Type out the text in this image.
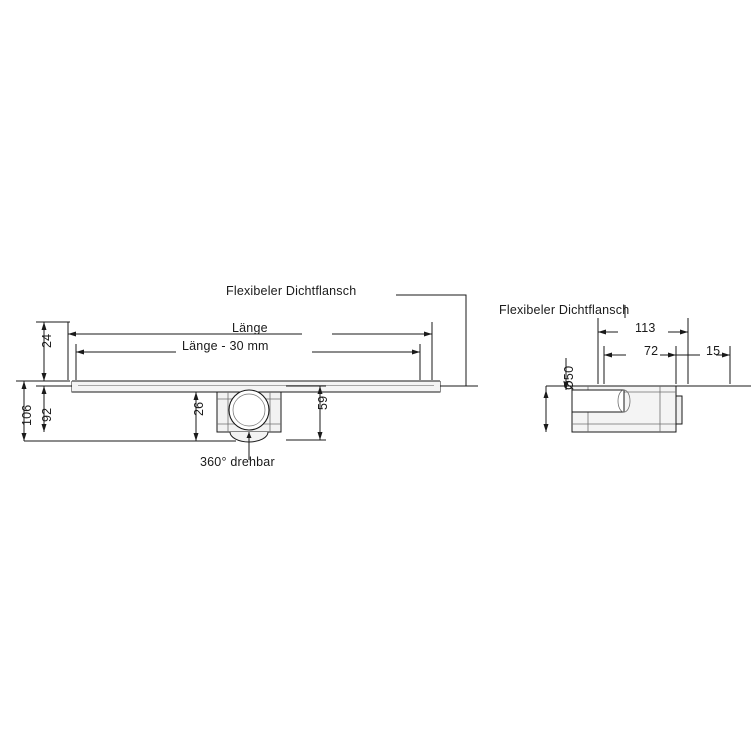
Flexibeler Dichtflansch
Flexibeler Dichtflansch
Länge
Länge - 30 mm
24
106 92	26	59
360° drehbar
113
72	15
Ø50
